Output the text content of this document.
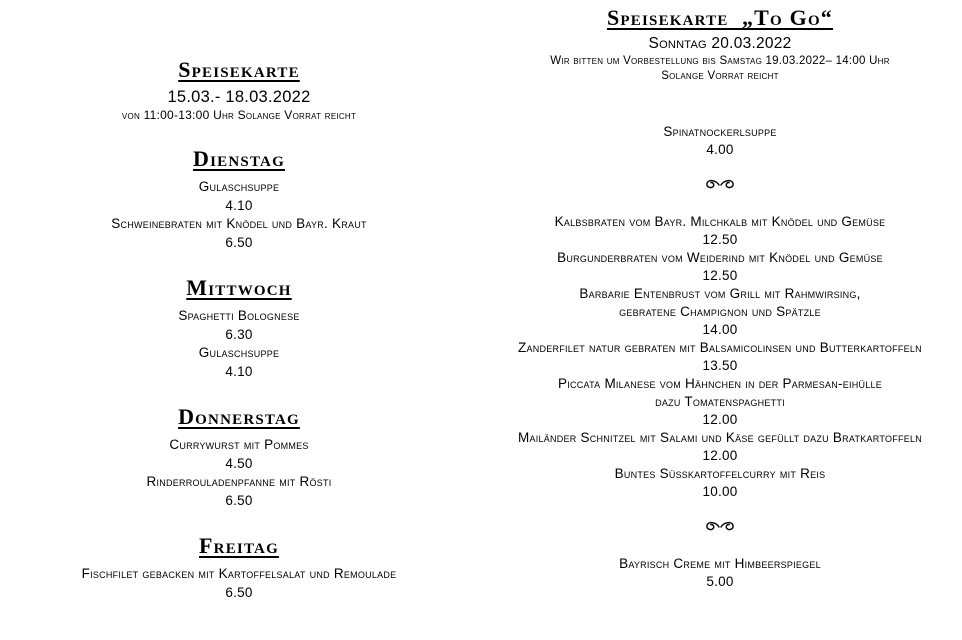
Speisekarte
15.03.- 18.03.2022
von 11:00-13:00 Uhr Solange Vorrat reicht
Dienstag
Gulaschsuppe
4.10
Schweinebraten mit Knödel und Bayr. Kraut
6.50
Mittwoch
Spaghetti Bolognese
6.30
Gulaschsuppe
4.10
Donnerstag
Currywurst mit Pommes
4.50
Rinderrouladenpfanne mit Rösti
6.50
Freitag
Fischfilet gebacken mit Kartoffelsalat und Remoulade
6.50
Speisekarte  „To Go“
Sonntag 20.03.2022
Wir bitten um Vorbestellung bis Samstag 19.03.2022– 14:00 Uhr
Solange Vorrat reicht
Spinatnockerlsuppe
4.00
Kalbsbraten vom Bayr. Milchkalb mit Knödel und Gemüse
12.50
Burgunderbraten vom Weiderind mit Knödel und Gemüse
12.50
Barbarie Entenbrust vom Grill mit Rahmwirsing,
gebratene Champignon und Spätzle
14.00
Zanderfilet natur gebraten mit Balsamicolinsen und Butterkartoffeln
13.50
Piccata Milanese vom Hähnchen in der Parmesan-eihülle
dazu Tomatenspaghetti
12.00
Mailänder Schnitzel mit Salami und Käse gefüllt dazu Bratkartoffeln
12.00
Buntes Süßkartoffelcurry mit Reis
10.00
Bayrisch Creme mit Himbeerspiegel
5.00
